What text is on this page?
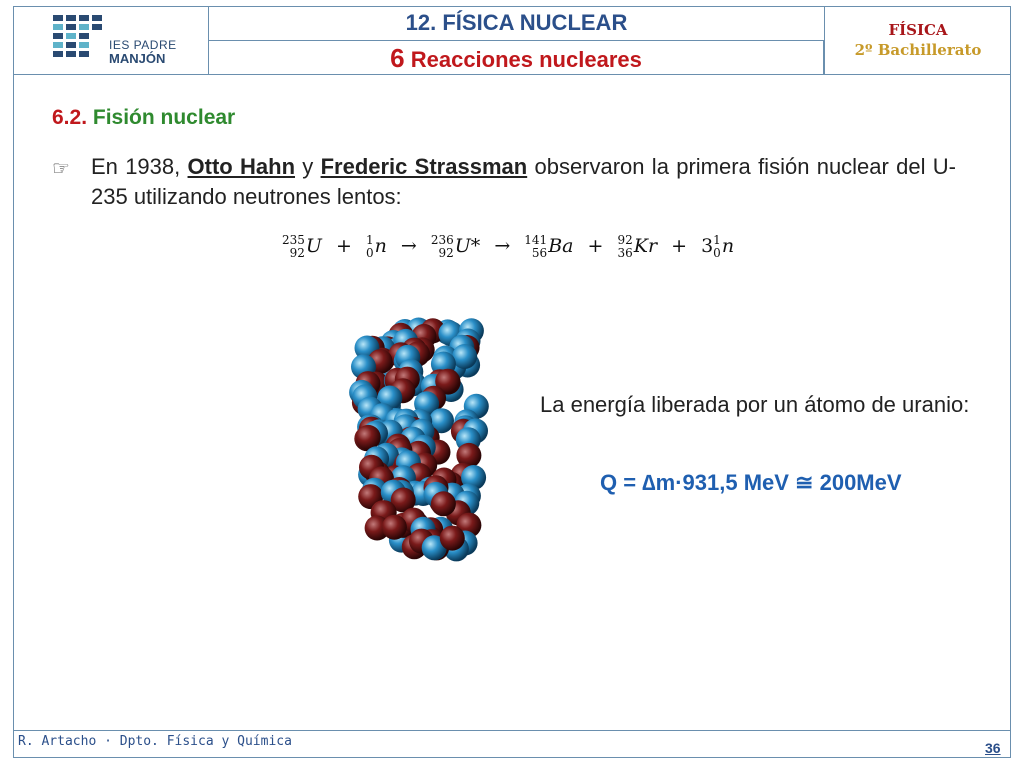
IES PADRE
MANJÓN
12. FÍSICA NUCLEAR
6 Reacciones nucleares
FÍSICA
2º Bachillerato
6.2. Fisión nuclear
☞ En 1938, Otto Hahn y Frederic Strassman observaron la primera fisión nuclear del U-235 utilizando neutrones lentos:
235
92 U + 1
0 n → 236
92 U* → 141
56 Ba + 92
36 Kr + 3 1
0 n
La energía liberada por un átomo de uranio:
Q = ∆m·931,5 MeV ≅ 200MeV
R. Artacho · Dpto. Física y Química	36
